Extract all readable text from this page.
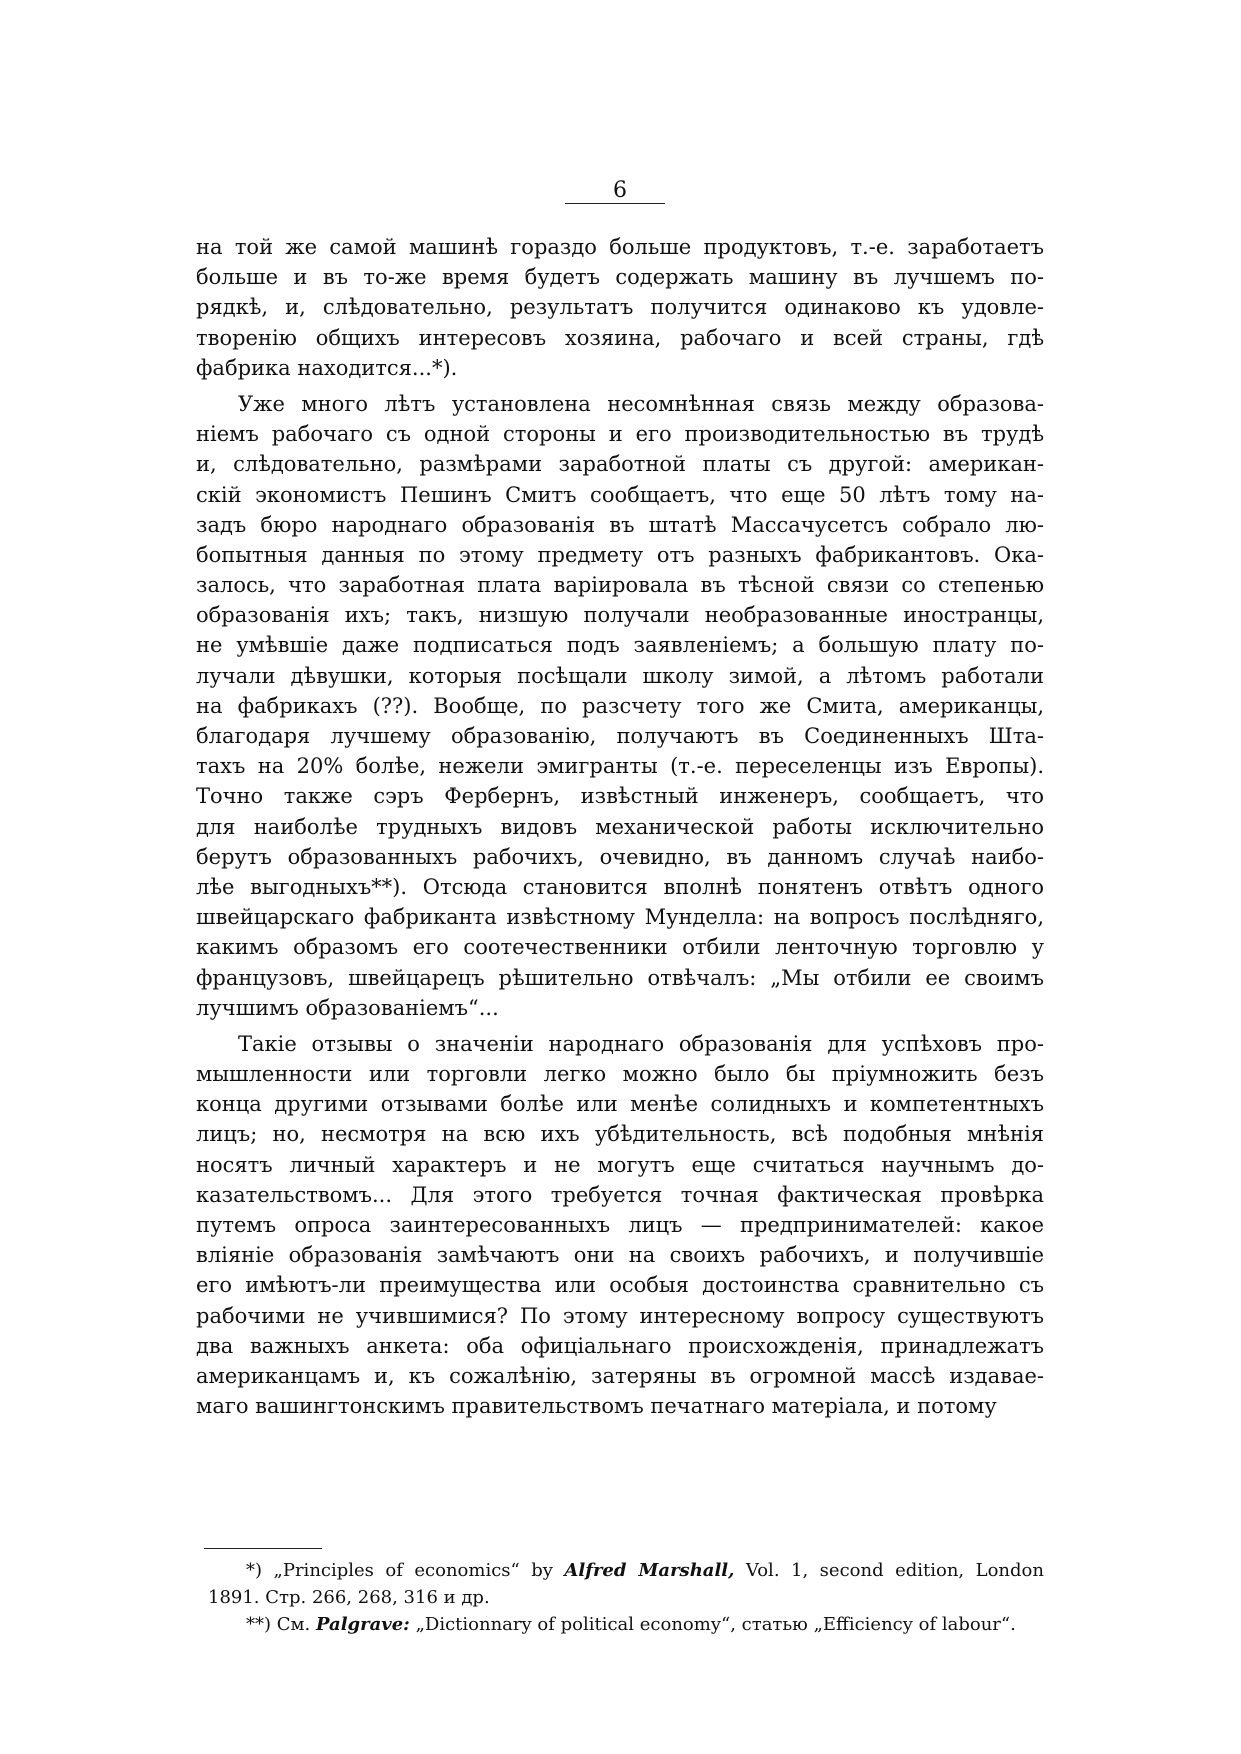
6
на той же самой машинѣ гораздо больше продуктовъ, т.-е. заработаетъ
больше и въ то-же время будетъ содержать машину въ лучшемъ по-
рядкѣ, и, слѣдовательно, результатъ получится одинаково къ удовле-
творенію общихъ интересовъ хозяина, рабочаго и всей страны, гдѣ
фабрика находится...*).
Уже много лѣтъ установлена несомнѣнная связь между образова-
ніемъ рабочаго съ одной стороны и его производительностью въ трудѣ
и, слѣдовательно, размѣрами заработной платы съ другой: американ-
скій экономистъ Пешинъ Смитъ сообщаетъ, что еще 50 лѣтъ тому на-
задъ бюро народнаго образованія въ штатѣ Массачусетсъ собрало лю-
бопытныя данныя по этому предмету отъ разныхъ фабрикантовъ. Ока-
залось, что заработная плата варіировала въ тѣсной связи со степенью
образованія ихъ; такъ, низшую получали необразованные иностранцы,
не умѣвшіе даже подписаться подъ заявленіемъ; а большую плату по-
лучали дѣвушки, которыя посѣщали школу зимой, а лѣтомъ работали
на фабрикахъ (??). Вообще, по разсчету того же Смита, американцы,
благодаря лучшему образованію, получаютъ въ Соединенныхъ Шта-
тахъ на 20% болѣе, нежели эмигранты (т.-е. переселенцы изъ Европы).
Точно также сэръ Фербернъ, извѣстный инженеръ, сообщаетъ, что
для наиболѣе трудныхъ видовъ механической работы исключительно
берутъ образованныхъ рабочихъ, очевидно, въ данномъ случаѣ наибо-
лѣе выгодныхъ**). Отсюда становится вполнѣ понятенъ отвѣтъ одного
швейцарскаго фабриканта извѣстному Мунделла: на вопросъ послѣдняго,
какимъ образомъ его соотечественники отбили ленточную торговлю у
французовъ, швейцарецъ рѣшительно отвѣчалъ: „Мы отбили ее своимъ
лучшимъ образованіемъ“...
Такіе отзывы о значеніи народнаго образованія для успѣховъ про-
мышленности или торговли легко можно было бы пріумножить безъ
конца другими отзывами болѣе или менѣе солидныхъ и компетентныхъ
лицъ; но, несмотря на всю ихъ убѣдительность, всѣ подобныя мнѣнія
носятъ личный характеръ и не могутъ еще считаться научнымъ до-
казательствомъ... Для этого требуется точная фактическая провѣрка
путемъ опроса заинтересованныхъ лицъ — предпринимателей: какое
вліяніе образованія замѣчаютъ они на своихъ рабочихъ, и получившіе
его имѣютъ-ли преимущества или особыя достоинства сравнительно съ
рабочими не учившимися? По этому интересному вопросу существуютъ
два важныхъ анкета: оба офиціальнаго происхожденія, принадлежатъ
американцамъ и, къ сожалѣнію, затеряны въ огромной массѣ издавае-
маго вашингтонскимъ правительствомъ печатнаго матеріала, и потому
*) „Principles of economics“ by Alfred Marshall, Vol. 1, second edition, London
1891. Стр. 266, 268, 316 и др.
**) См. Palgrave: „Dictionnary of political economy“, статью „Efficiency of labour“.
